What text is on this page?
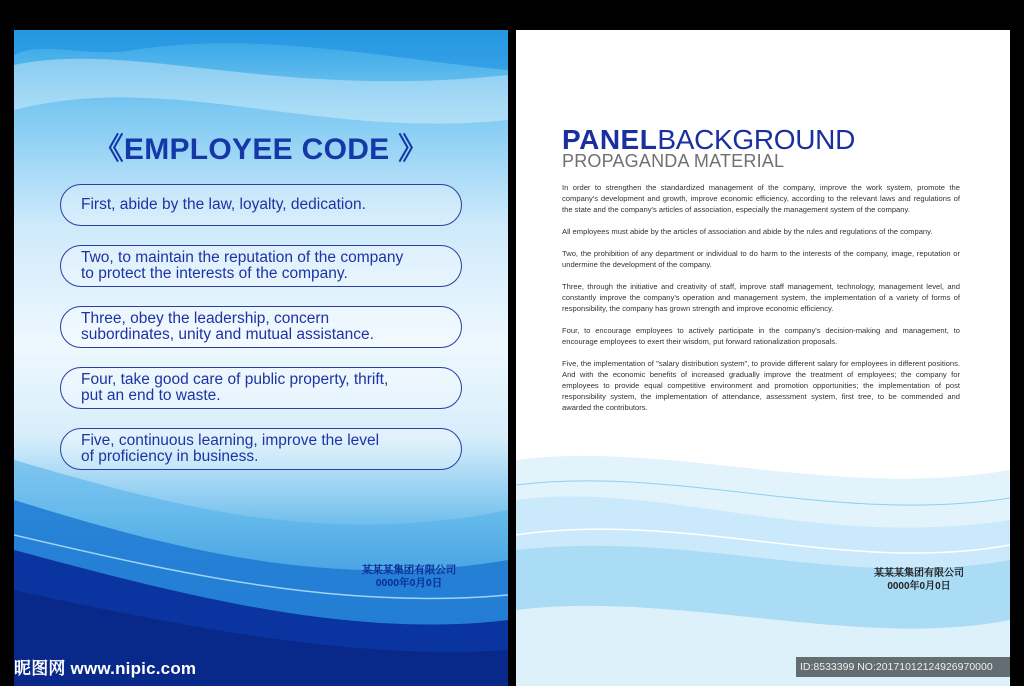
《EMPLOYEE CODE 》
First, abide by the law, loyalty, dedication.
Two, to maintain the reputation of the company
to protect the interests of the company.
Three, obey the leadership, concern
subordinates, unity and mutual assistance.
Four, take good care of public property, thrift,
put an end to waste.
Five, continuous learning, improve the level
of proficiency in business.
某某某集团有限公司
0000年0月0日
PANELBACKGROUND
PROPAGANDA MATERIAL

In order to strengthen the standardized management of the company, improve the work system, promote the company's development and growth, improve economic efficiency, according to the relevant laws and regulations of the state and the company's articles of association, especially the management system of the company.

All employees must abide by the articles of association and abide by the rules and regulations of the company.

Two, the prohibition of any department or individual to do harm to the interests of the company, image, reputation or undermine the development of the company.

Three, through the initiative and creativity of staff, improve staff management, technology, management level, and constantly improve the company's operation and management system, the implementation of a variety of forms of responsibility, the company has grown strength and improve economic efficiency.

Four, to encourage employees to actively participate in the company's decision-making and management, to encourage employees to exert their wisdom, put forward rationalization proposals.

Five, the implementation of "salary distribution system", to provide different salary for employees in different positions. And with the economic benefits of increased gradually improve the treatment of employees; the company for employees to provide equal competitive environment and promotion opportunities; the implementation of post responsibility system, the implementation of attendance, assessment system, first tree, to be commended and awarded the contributors.

某某某集团有限公司
0000年0月0日
昵图网 www.nipic.com	ID:8533399 NO:20171012124926970000
